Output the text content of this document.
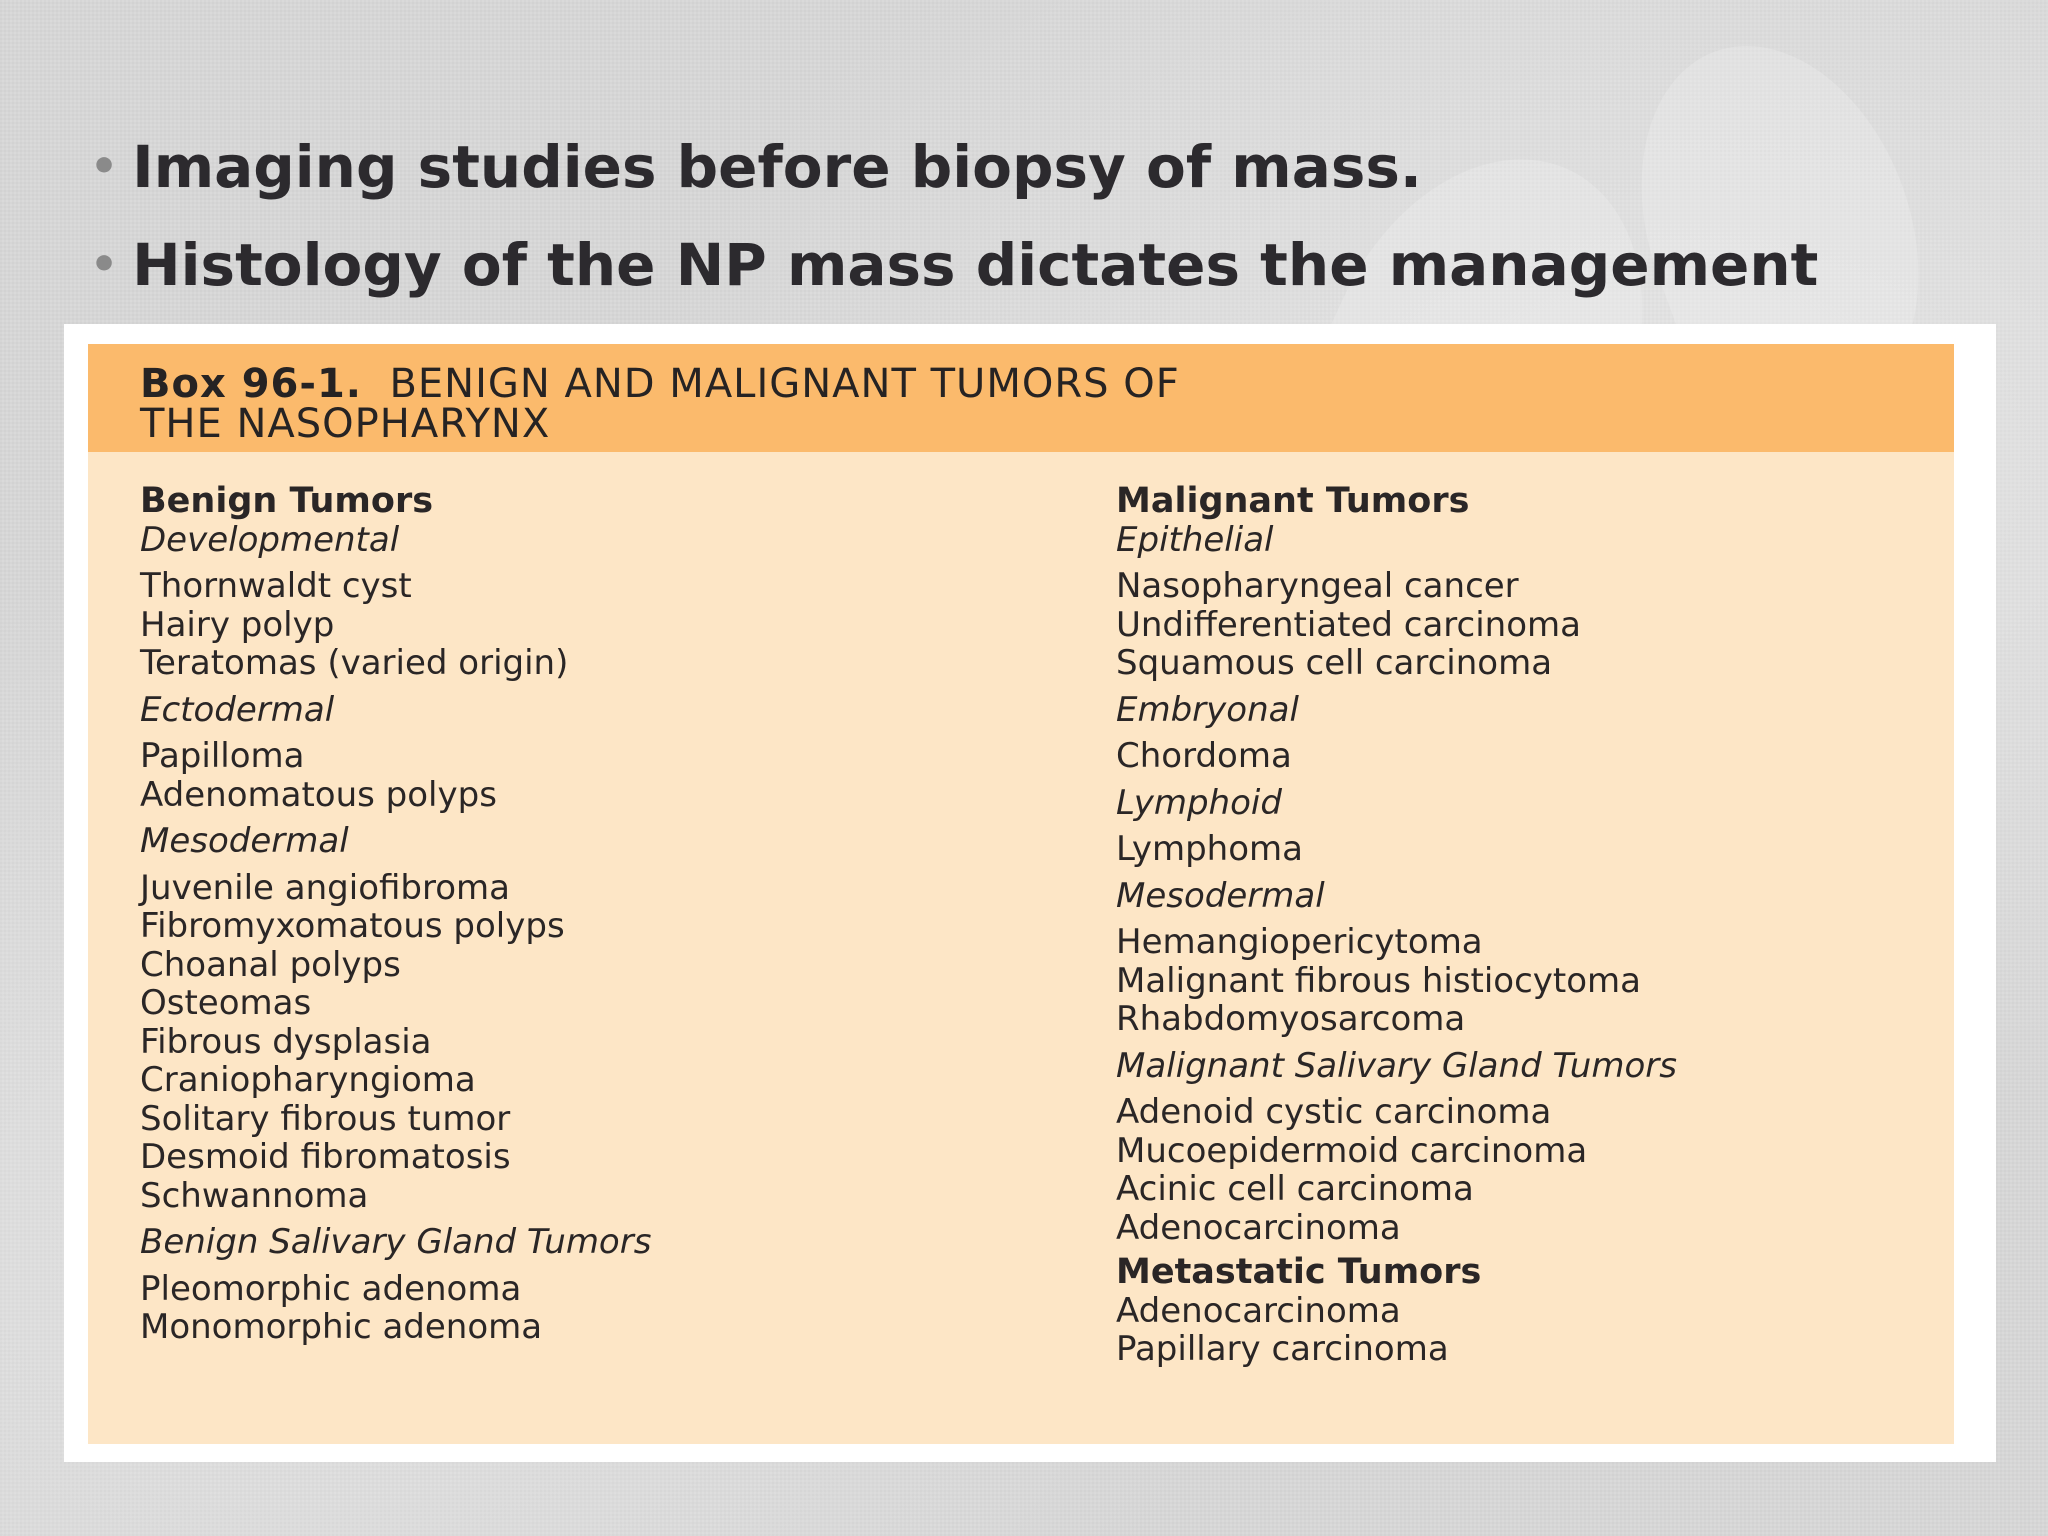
• Imaging studies before biopsy of mass.
• Histology of the NP mass dictates the management

Box 96-1. BENIGN AND MALIGNANT TUMORS OF
THE NASOPHARYNX

Benign Tumors
Developmental
Thornwaldt cyst
Hairy polyp
Teratomas (varied origin)
Ectodermal
Papilloma
Adenomatous polyps
Mesodermal
Juvenile angiofibroma
Fibromyxomatous polyps
Choanal polyps
Osteomas
Fibrous dysplasia
Craniopharyngioma
Solitary fibrous tumor
Desmoid fibromatosis
Schwannoma
Benign Salivary Gland Tumors
Pleomorphic adenoma
Monomorphic adenoma
Malignant Tumors
Epithelial
Nasopharyngeal cancer
Undifferentiated carcinoma
Squamous cell carcinoma
Embryonal
Chordoma
Lymphoid
Lymphoma
Mesodermal
Hemangiopericytoma
Malignant fibrous histiocytoma
Rhabdomyosarcoma
Malignant Salivary Gland Tumors
Adenoid cystic carcinoma
Mucoepidermoid carcinoma
Acinic cell carcinoma
Adenocarcinoma
Metastatic Tumors
Adenocarcinoma
Papillary carcinoma
